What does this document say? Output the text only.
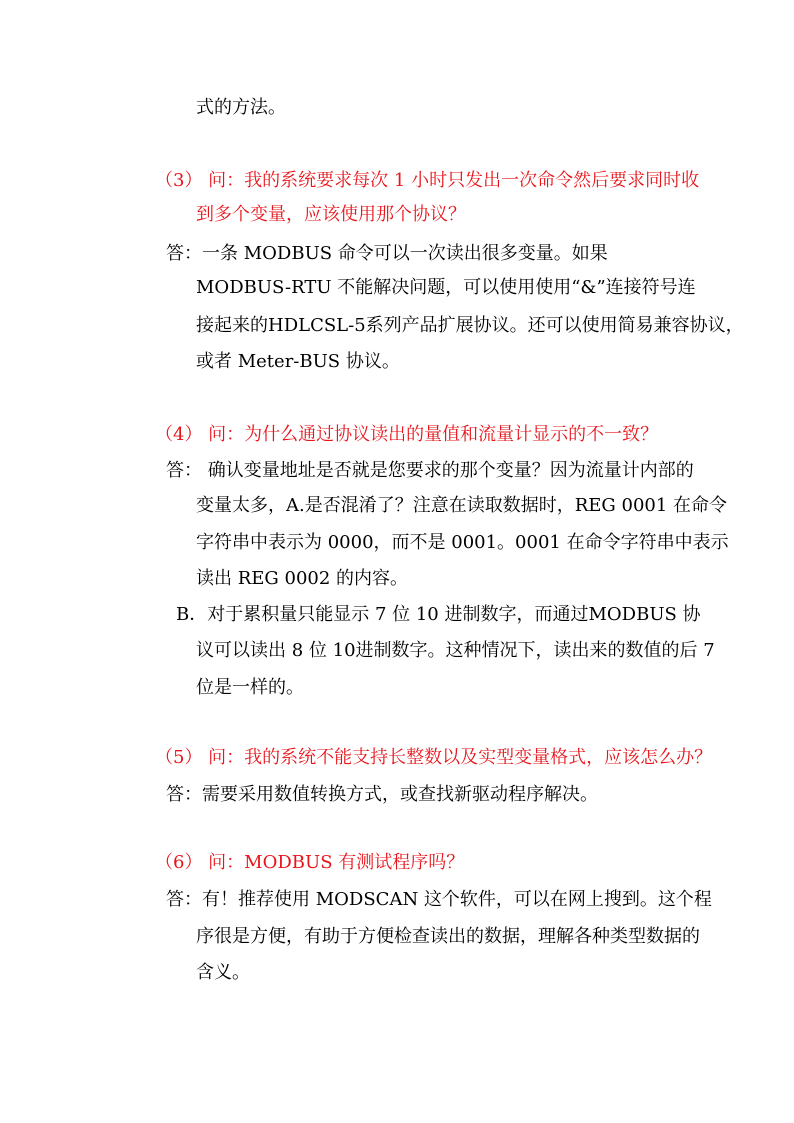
式的方法。
（3） 问：我的系统要求每次 1 小时只发出一次命令然后要求同时收
到多个变量，应该使用那个协议？
答：一条 MODBUS 命令可以一次读出很多变量。如果
MODBUS-RTU 不能解决问题，可以使用使用“&”连接符号连
接起来的HDLCSL-5系列产品扩展协议。还可以使用简易兼容协议，
或者 Meter-BUS 协议。
（4） 问：为什么通过协议读出的量值和流量计显示的不一致？
答： 确认变量地址是否就是您要求的那个变量？因为流量计内部的
变量太多，A.是否混淆了？注意在读取数据时，REG 0001 在命令
字符串中表示为 0000，而不是 0001。0001 在命令字符串中表示
读出 REG 0002 的内容。
B．对于累积量只能显示 7 位 10 进制数字，而通过MODBUS 协
议可以读出 8 位 10进制数字。这种情况下，读出来的数值的后 7
位是一样的。
（5） 问：我的系统不能支持长整数以及实型变量格式，应该怎么办？
答：需要采用数值转换方式，或查找新驱动程序解决。
（6） 问：MODBUS 有测试程序吗？
答：有！推荐使用 MODSCAN 这个软件，可以在网上搜到。这个程
序很是方便，有助于方便检查读出的数据，理解各种类型数据的
含义。
